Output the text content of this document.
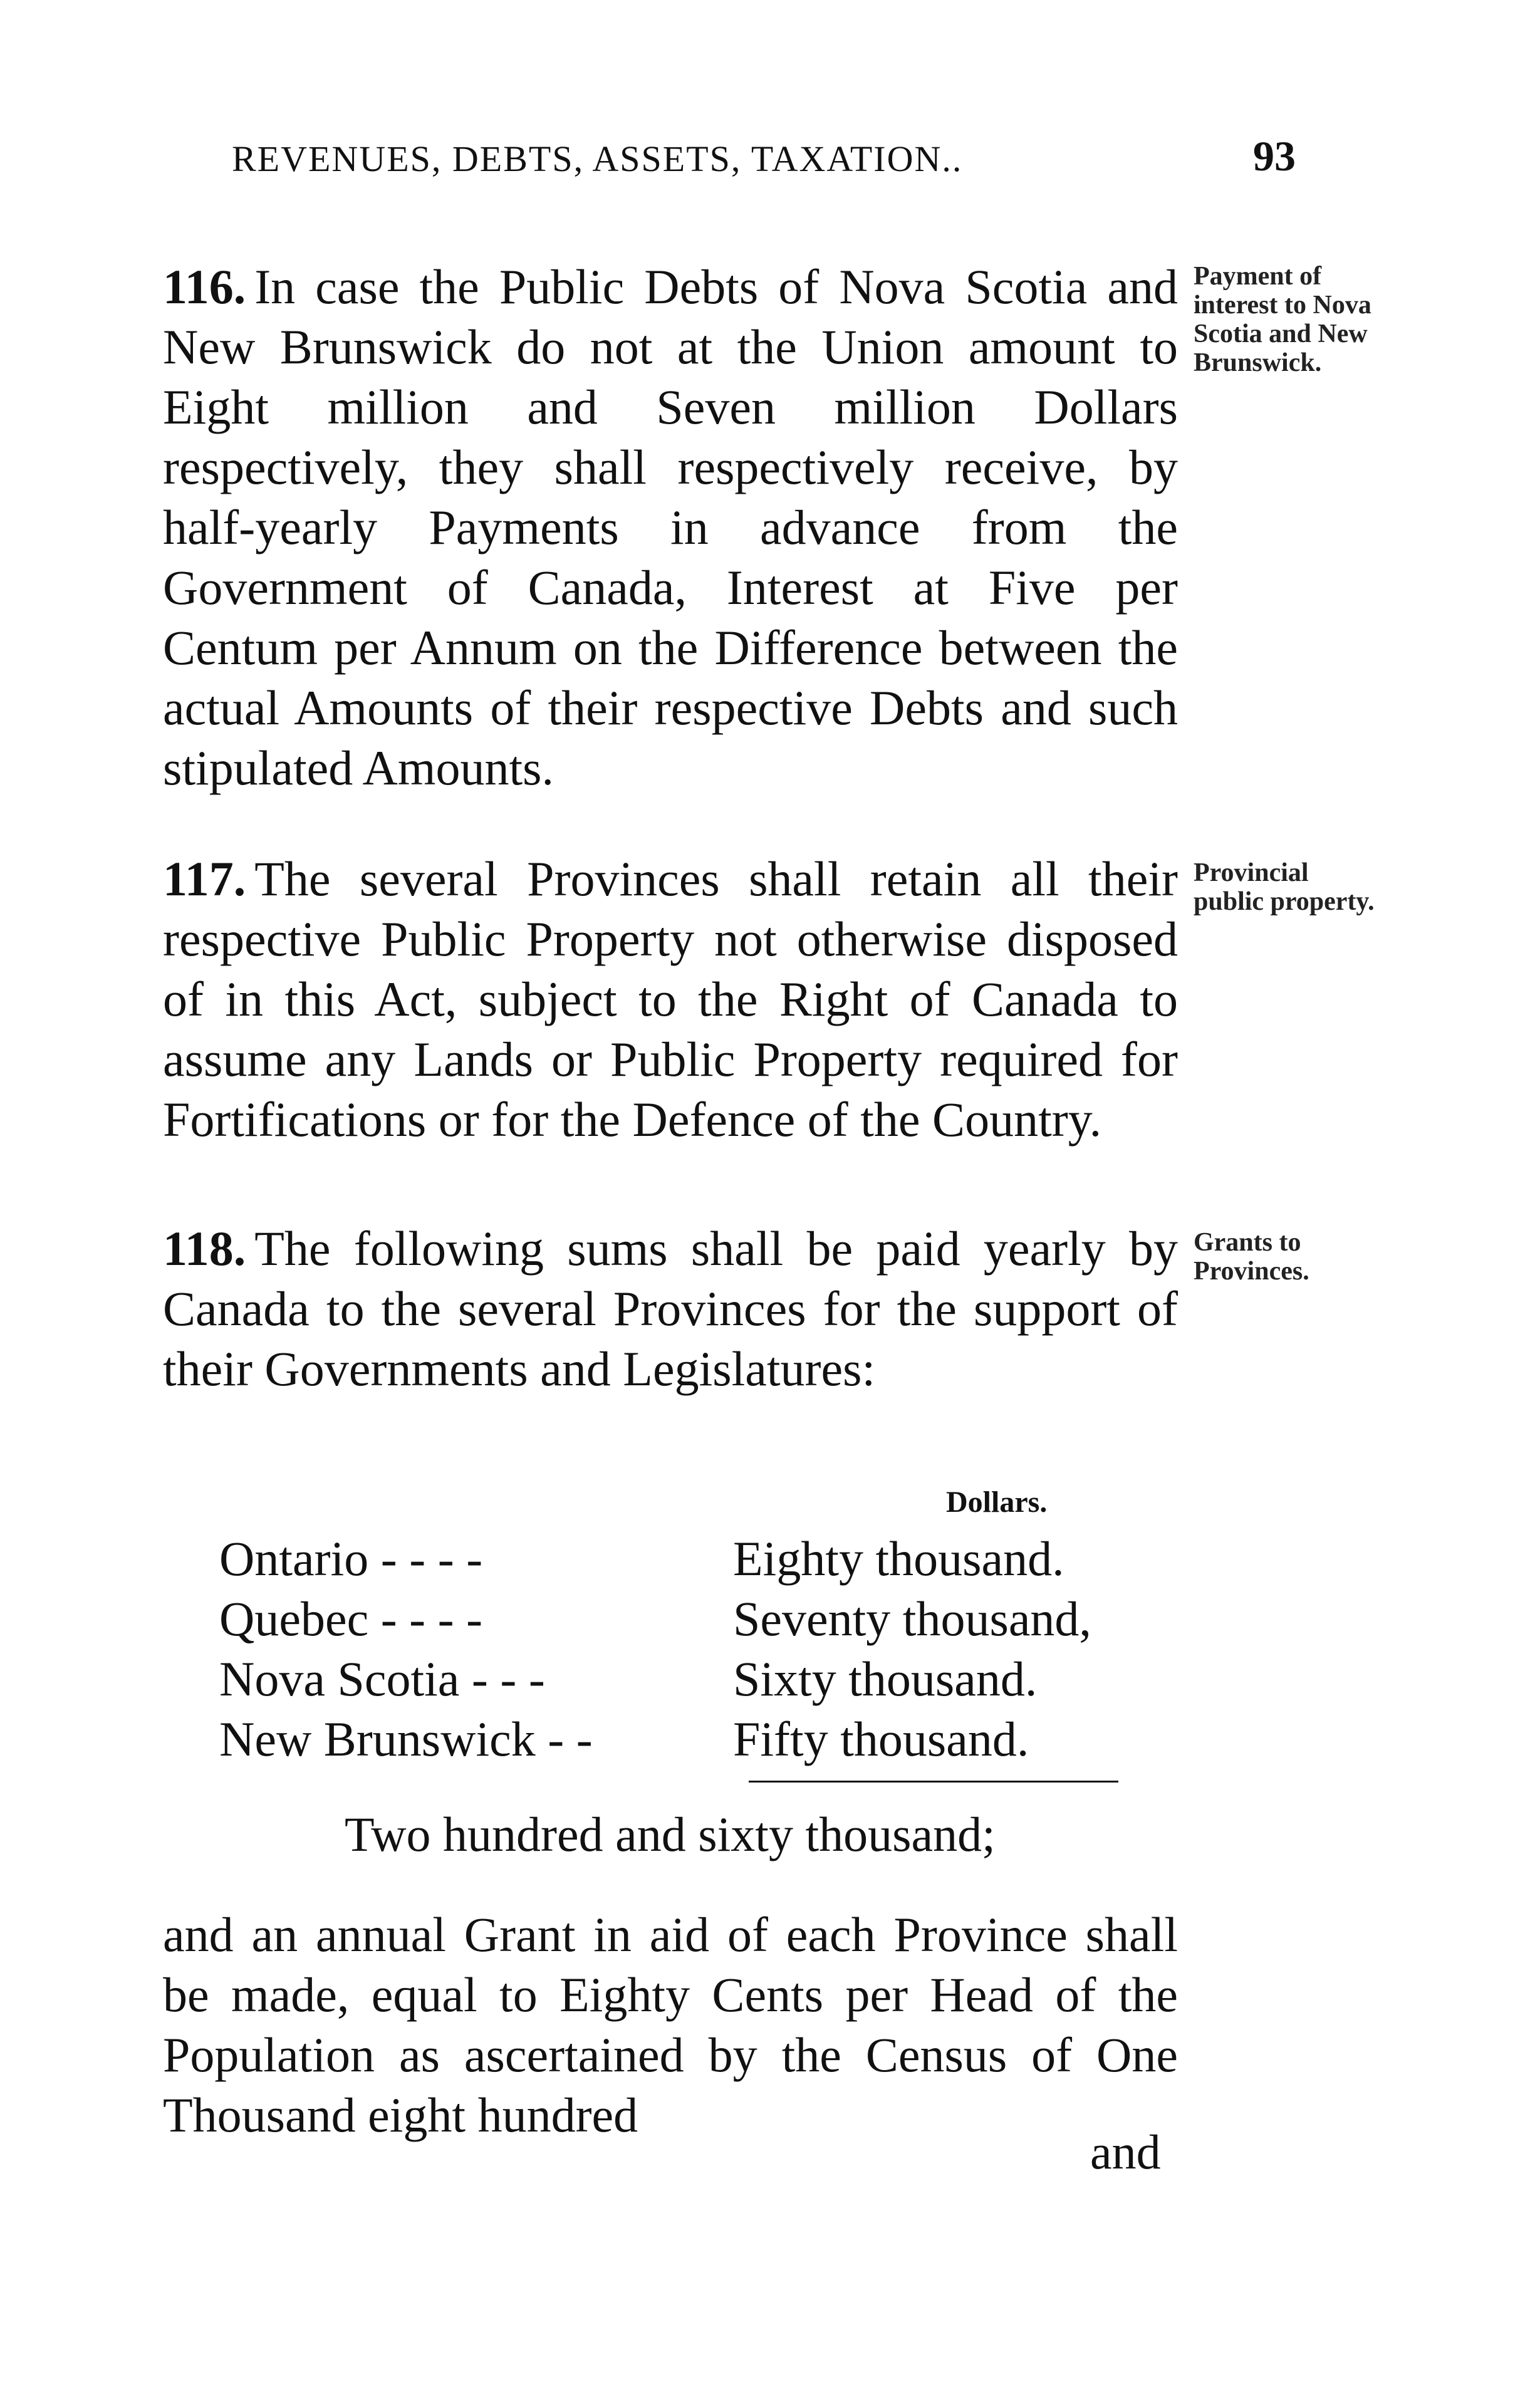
REVENUES, DEBTS, ASSETS, TAXATION..	93
116. In case the Public Debts of Nova Scotia and New Brunswick do not at the Union amount to Eight million and Seven million Dollars respectively, they shall respectively receive, by half-yearly Payments in advance from the Government of Canada, Interest at Five per Centum per Annum on the Difference between the actual Amounts of their respective Debts and such stipulated Amounts.
Payment of interest to Nova Scotia and New Brunswick.
117. The several Provinces shall retain all their respective Public Property not otherwise disposed of in this Act, subject to the Right of Canada to assume any Lands or Public Property required for Fortifications or for the Defence of the Country.
Provincial public property.
118. The following sums shall be paid yearly by Canada to the several Provinces for the support of their Governments and Legislatures:
Grants to Provinces.
Dollars.
Ontario - - - -	Eighty thousand.
Quebec - - - -	Seventy thousand,
Nova Scotia - - -	Sixty thousand.
New Brunswick - -	Fifty thousand.
Two hundred and sixty thousand;
and an annual Grant in aid of each Province shall be made, equal to Eighty Cents per Head of the Population as ascertained by the Census of One Thousand eight hundred
and
